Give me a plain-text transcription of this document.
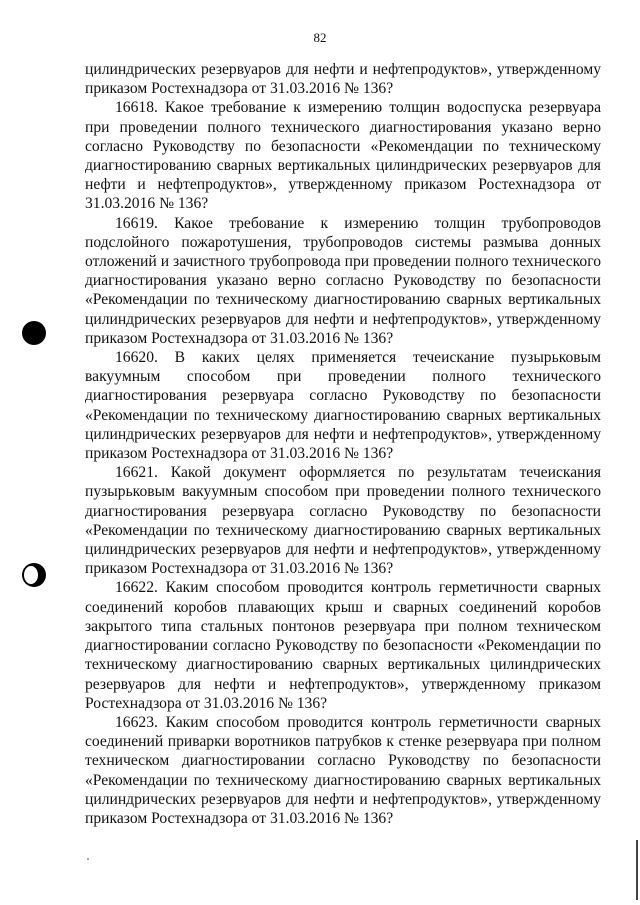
82

цилиндрических резервуаров для нефти и нефтепродуктов», утвержденному приказом Ростехнадзора от 31.03.2016 № 136?

16618. Какое требование к измерению толщин водоспуска резервуара при проведении полного технического диагностирования указано верно согласно Руководству по безопасности «Рекомендации по техническому диагностированию сварных вертикальных цилиндрических резервуаров для нефти и нефтепродуктов», утвержденному приказом Ростехнадзора от 31.03.2016 № 136?

16619. Какое требование к измерению толщин трубопроводов подслойного пожаротушения, трубопроводов системы размыва донных отложений и зачистного трубопровода при проведении полного технического диагностирования указано верно согласно Руководству по безопасности «Рекомендации по техническому диагностированию сварных вертикальных цилиндрических резервуаров для нефти и нефтепродуктов», утвержденному приказом Ростехнадзора от 31.03.2016 № 136?

16620. В каких целях применяется течеискание пузырьковым вакуумным способом при проведении полного технического диагностирования резервуара согласно Руководству по безопасности «Рекомендации по техническому диагностированию сварных вертикальных цилиндрических резервуаров для нефти и нефтепродуктов», утвержденному приказом Ростехнадзора от 31.03.2016 № 136?

16621. Какой документ оформляется по результатам течеискания пузырьковым вакуумным способом при проведении полного технического диагностирования резервуара согласно Руководству по безопасности «Рекомендации по техническому диагностированию сварных вертикальных цилиндрических резервуаров для нефти и нефтепродуктов», утвержденному приказом Ростехнадзора от 31.03.2016 № 136?

16622. Каким способом проводится контроль герметичности сварных соединений коробов плавающих крыш и сварных соединений коробов закрытого типа стальных понтонов резервуара при полном техническом диагностировании согласно Руководству по безопасности «Рекомендации по техническому диагностированию сварных вертикальных цилиндрических резервуаров для нефти и нефтепродуктов», утвержденному приказом Ростехнадзора от 31.03.2016 № 136?

16623. Каким способом проводится контроль герметичности сварных соединений приварки воротников патрубков к стенке резервуара при полном техническом диагностировании согласно Руководству по безопасности «Рекомендации по техническому диагностированию сварных вертикальных цилиндрических резервуаров для нефти и нефтепродуктов», утвержденному приказом Ростехнадзора от 31.03.2016 № 136?
